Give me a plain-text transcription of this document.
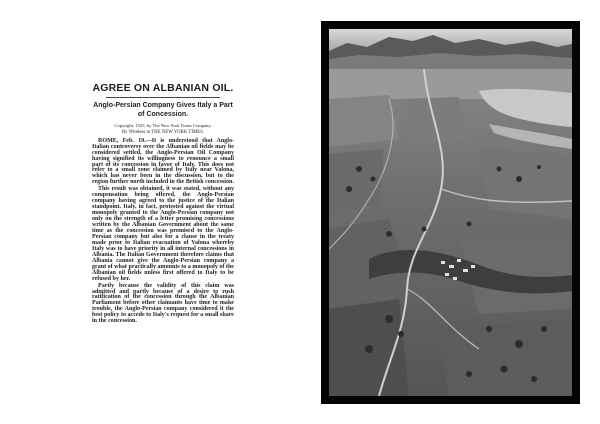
AGREE ON ALBANIAN OIL.
Anglo-Persian Company Gives Italy a Part of Concession.
Copyright, 1925, by The New York Times Company.
By Wireless to THE NEW YORK TIMES.

ROME, Feb. 19.—It is understood that Anglo-Italian controversy over the Albanian oil fields may be considered settled, the Anglo-Persian Oil Company having signified its willingness to renounce a small part of its concession in favor of Italy. This does not refer to a small zone claimed by Italy near Valona, which has never been in the discussion, but to the region further north included in the British concession.

This result was obtained, it was stated, without any compensation being offered, the Anglo-Persian company having agreed to the justice of the Italian standpoint. Italy, in fact, protested against the virtual monopoly granted to the Anglo-Persian company not only on the strength of a letter promising concessions written by the Albanian Government about the same time as the concession was promised to the Anglo-Persian company but also for a clause in the treaty made prior to Italian evacuation of Valona whereby Italy was to have priority in all internal concessions in Albania. The Italian Government therefore claims that Albania cannot give the Anglo-Persian company a grant of what practically amounts to a monopoly of the Albanian oil fields unless first offered to Italy to be refused by her.

Partly because the validity of this claim was admitted and partly because of a desire to rush ratification of the concession through the Albanian Parliament before other claimants have time to make trouble, the Anglo-Persian company considered it the best policy to accede to Italy's request for a small share in the concession.
